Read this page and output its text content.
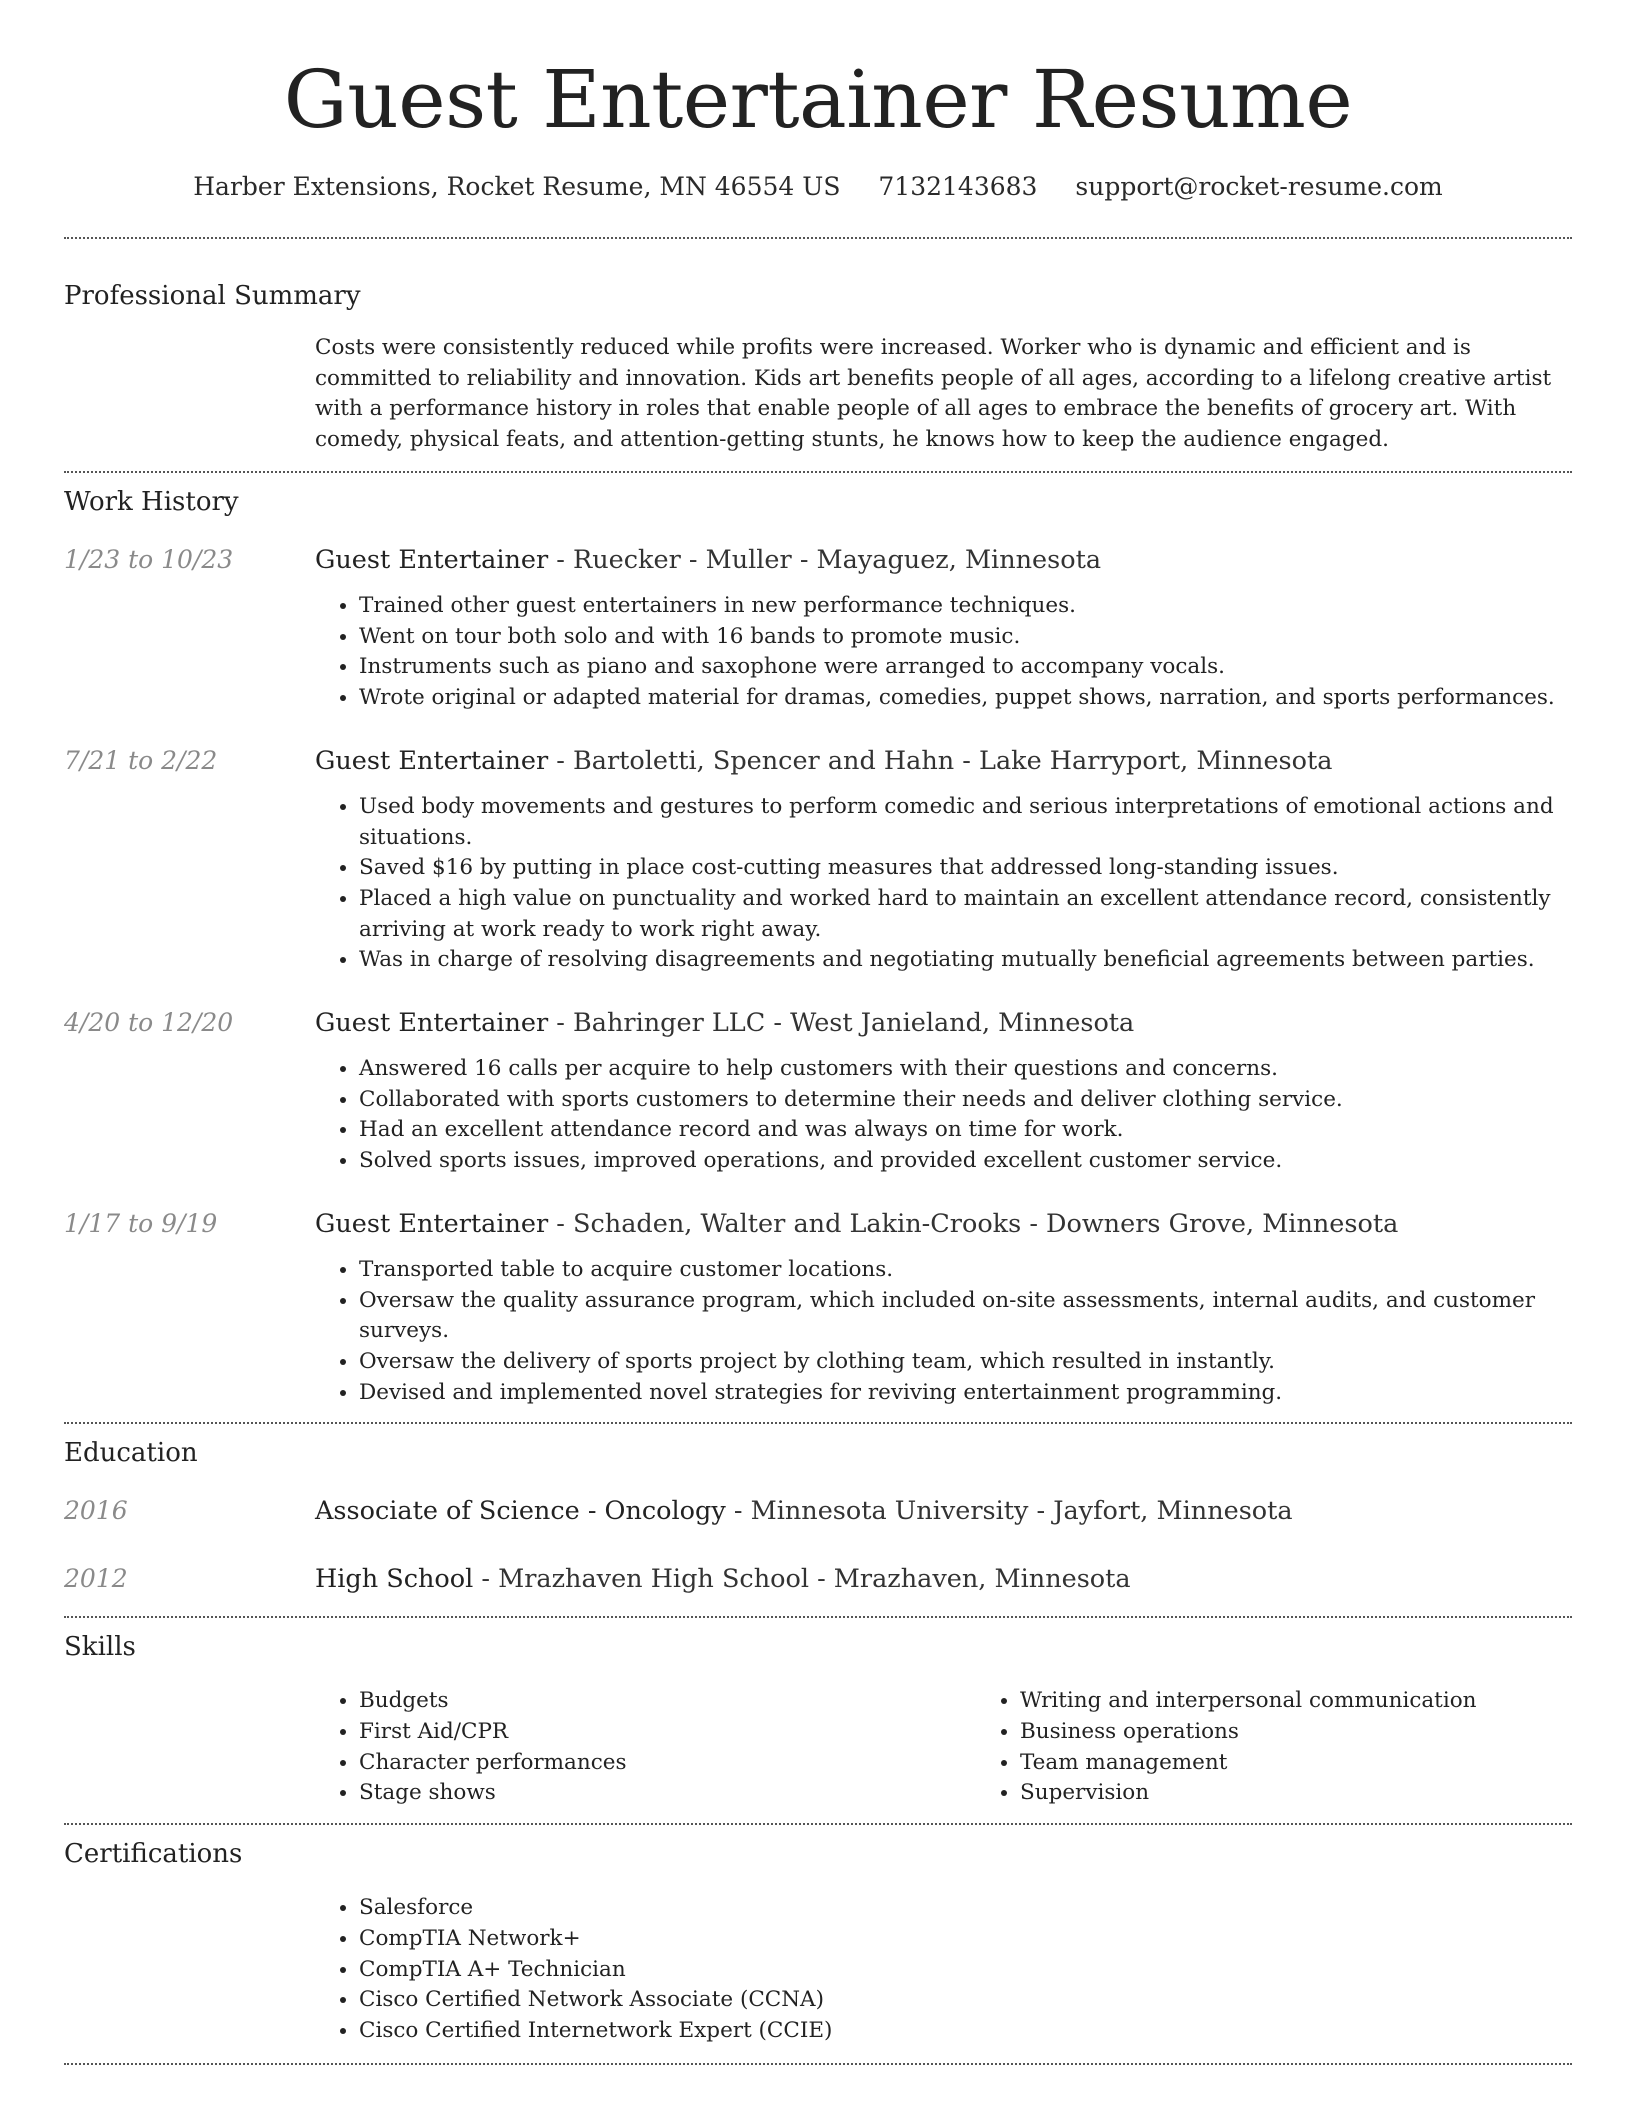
Guest Entertainer Resume
Harber Extensions, Rocket Resume, MN 46554 US 7132143683 support@rocket-resume.com
Professional Summary

Costs were consistently reduced while profits were increased. Worker who is dynamic and efficient and is committed to reliability and innovation. Kids art benefits people of all ages, according to a lifelong creative artist with a performance history in roles that enable people of all ages to embrace the benefits of grocery art. With comedy, physical feats, and attention-getting stunts, he knows how to keep the audience engaged.

Work History
1/23 to 10/23	Guest Entertainer - Ruecker - Muller - Mayaguez, Minnesota
• Trained other guest entertainers in new performance techniques.
• Went on tour both solo and with 16 bands to promote music.
• Instruments such as piano and saxophone were arranged to accompany vocals.
• Wrote original or adapted material for dramas, comedies, puppet shows, narration, and sports performances.
7/21 to 2/22	Guest Entertainer - Bartoletti, Spencer and Hahn - Lake Harryport, Minnesota
• Used body movements and gestures to perform comedic and serious interpretations of emotional actions and situations.
• Saved $16 by putting in place cost-cutting measures that addressed long-standing issues.
• Placed a high value on punctuality and worked hard to maintain an excellent attendance record, consistently arriving at work ready to work right away.
• Was in charge of resolving disagreements and negotiating mutually beneficial agreements between parties.
4/20 to 12/20	Guest Entertainer - Bahringer LLC - West Janieland, Minnesota
• Answered 16 calls per acquire to help customers with their questions and concerns.
• Collaborated with sports customers to determine their needs and deliver clothing service.
• Had an excellent attendance record and was always on time for work.
• Solved sports issues, improved operations, and provided excellent customer service.
1/17 to 9/19	Guest Entertainer - Schaden, Walter and Lakin-Crooks - Downers Grove, Minnesota
• Transported table to acquire customer locations.
• Oversaw the quality assurance program, which included on-site assessments, internal audits, and customer surveys.
• Oversaw the delivery of sports project by clothing team, which resulted in instantly.
• Devised and implemented novel strategies for reviving entertainment programming.
Education
2016	Associate of Science - Oncology - Minnesota University - Jayfort, Minnesota
2012	High School - Mrazhaven High School - Mrazhaven, Minnesota
Skills
• Budgets
• First Aid/CPR
• Character performances
• Stage shows
• Writing and interpersonal communication
• Business operations
• Team management
• Supervision
Certifications
• Salesforce
• CompTIA Network+
• CompTIA A+ Technician
• Cisco Certified Network Associate (CCNA)
• Cisco Certified Internetwork Expert (CCIE)
